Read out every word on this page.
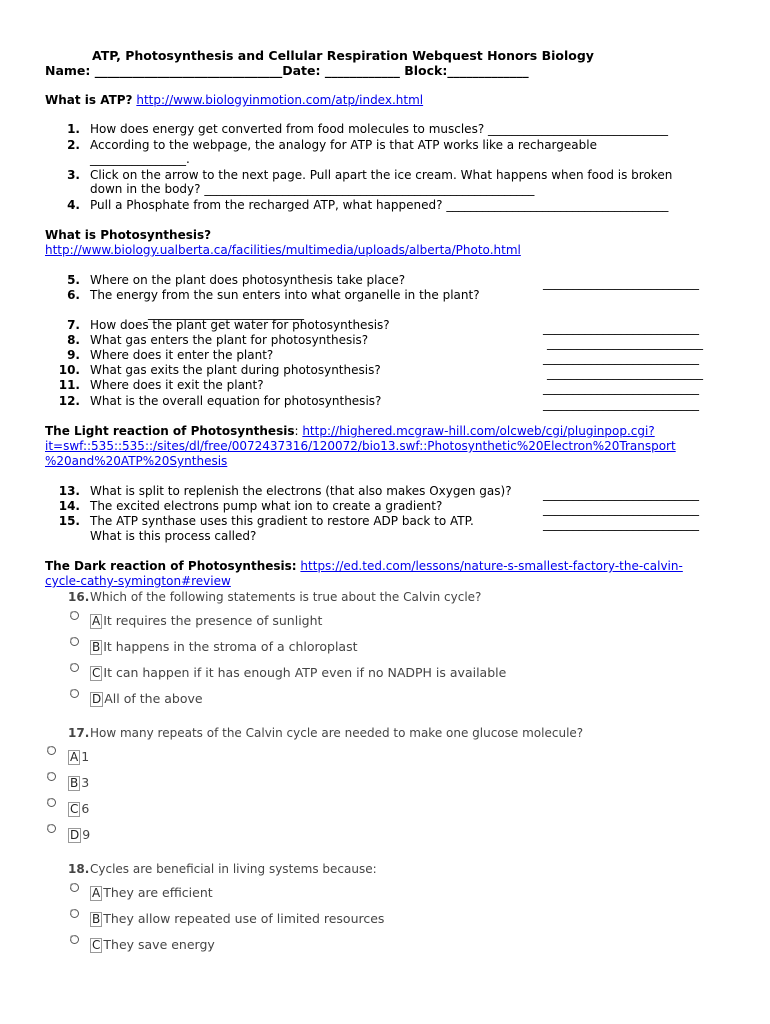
ATP, Photosynthesis and Cellular Respiration Webquest Honors Biology
Name: ______________________________Date: ____________ Block:_____________
What is ATP? http://www.biologyinmotion.com/atp/index.html
1. How does energy get converted from food molecules to muscles? ______________________________
2. According to the webpage, the analogy for ATP is that ATP works like a rechargeable
________________.
3. Click on the arrow to the next page. Pull apart the ice cream. What happens when food is broken
down in the body? _______________________________________________________
4. Pull a Phosphate from the recharged ATP, what happened? _____________________________________
What is Photosynthesis?
http://www.biology.ualberta.ca/facilities/multimedia/uploads/alberta/Photo.html
5. Where on the plant does photosynthesis take place?	__________________________
6. The energy from the sun enters into what organelle in the plant?
__________________________
7. How does the plant get water for photosynthesis?	__________________________
8. What gas enters the plant for photosynthesis?	__________________________
9. Where does it enter the plant?	__________________________
10. What gas exits the plant during photosynthesis?	__________________________
11. Where does it exit the plant?	__________________________
12. What is the overall equation for photosynthesis?	__________________________
The Light reaction of Photosynthesis: http://highered.mcgraw-hill.com/olcweb/cgi/pluginpop.cgi?
it=swf::535::535::/sites/dl/free/0072437316/120072/bio13.swf::Photosynthetic%20Electron%20Transport
%20and%20ATP%20Synthesis
13. What is split to replenish the electrons (that also makes Oxygen gas)?	__________________________
14. The excited electrons pump what ion to create a gradient?	__________________________
15. The ATP synthase uses this gradient to restore ADP back to ATP.	__________________________
What is this process called?
The Dark reaction of Photosynthesis: https://ed.ted.com/lessons/nature-s-smallest-factory-the-calvin-
cycle-cathy-symington#review
16. Which of the following statements is true about the Calvin cycle?
A It requires the presence of sunlight
B It happens in the stroma of a chloroplast
C It can happen if it has enough ATP even if no NADPH is available
D All of the above
17. How many repeats of the Calvin cycle are needed to make one glucose molecule?
A 1
B 3
C 6
D 9
18. Cycles are beneficial in living systems because:
A They are efficient
B They allow repeated use of limited resources
C They save energy
